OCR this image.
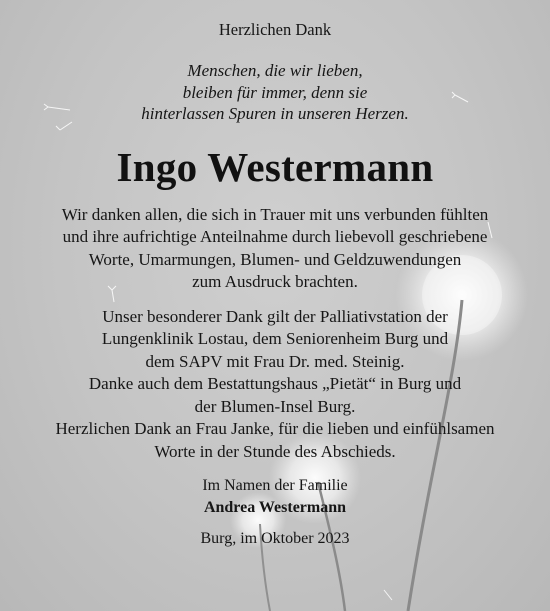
Herzlichen Dank
Menschen, die wir lieben,
bleiben für immer, denn sie
hinterlassen Spuren in unseren Herzen.
Ingo Westermann
Wir danken allen, die sich in Trauer mit uns verbunden fühlten
und ihre aufrichtige Anteilnahme durch liebevoll geschriebene
Worte, Umarmungen, Blumen- und Geldzuwendungen
zum Ausdruck brachten.
Unser besonderer Dank gilt der Palliativstation der
Lungenklinik Lostau, dem Seniorenheim Burg und
dem SAPV mit Frau Dr. med. Steinig.
Danke auch dem Bestattungshaus „Pietät“ in Burg und
der Blumen-Insel Burg.
Herzlichen Dank an Frau Janke, für die lieben und einfühlsamen
Worte in der Stunde des Abschieds.
Im Namen der Familie
Andrea Westermann
Burg, im Oktober 2023
